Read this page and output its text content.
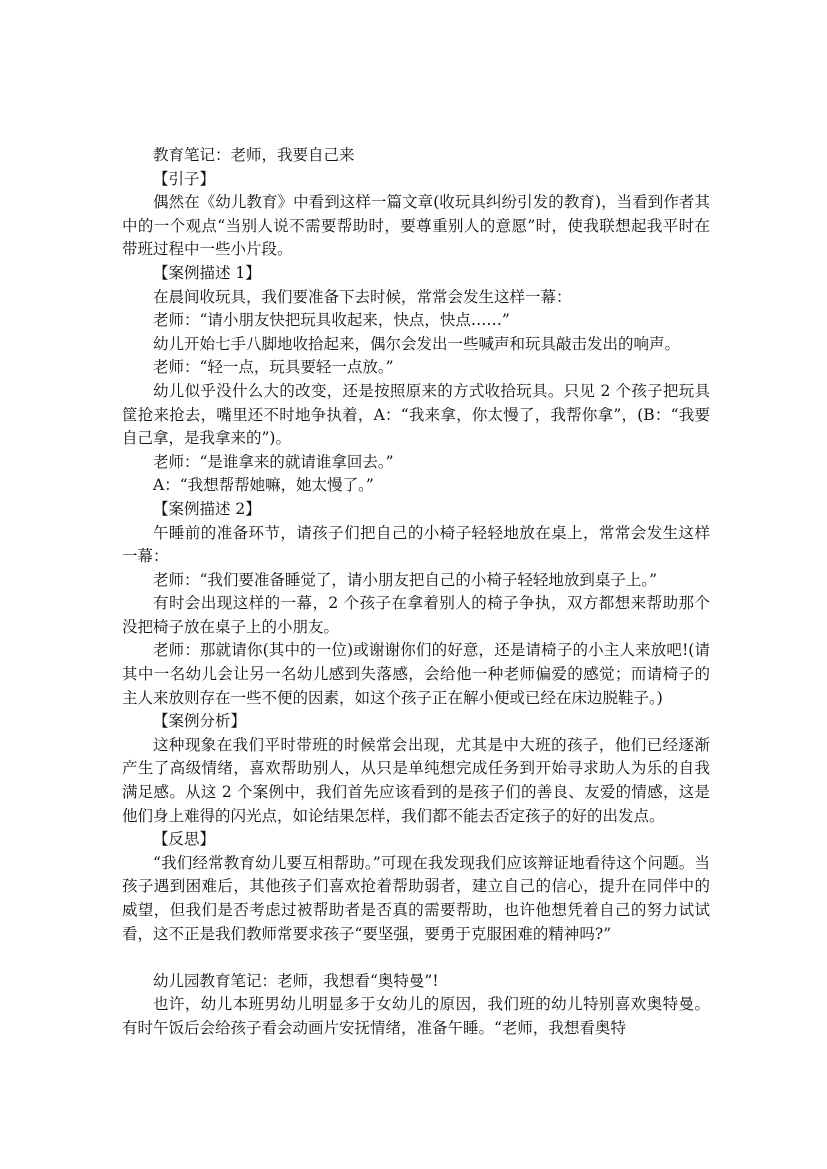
教育笔记：老师，我要自己来

【引子】

偶然在《幼儿教育》中看到这样一篇文章(收玩具纠纷引发的教育)，当看到作者其中的一个观点“当别人说不需要帮助时，要尊重别人的意愿”时，使我联想起我平时在带班过程中一些小片段。

【案例描述 1】

在晨间收玩具，我们要准备下去时候，常常会发生这样一幕：

老师：“请小朋友快把玩具收起来，快点，快点……”

幼儿开始七手八脚地收拾起来，偶尔会发出一些喊声和玩具敲击发出的响声。

老师：“轻一点，玩具要轻一点放。”

幼儿似乎没什么大的改变，还是按照原来的方式收拾玩具。只见 2 个孩子把玩具筐抢来抢去，嘴里还不时地争执着，A：“我来拿，你太慢了，我帮你拿”，(B：“我要自己拿，是我拿来的”)。

老师：“是谁拿来的就请谁拿回去。”

A：“我想帮帮她嘛，她太慢了。”

【案例描述 2】

午睡前的准备环节，请孩子们把自己的小椅子轻轻地放在桌上，常常会发生这样一幕：

老师：“我们要准备睡觉了，请小朋友把自己的小椅子轻轻地放到桌子上。”

有时会出现这样的一幕，2 个孩子在拿着别人的椅子争执，双方都想来帮助那个没把椅子放在桌子上的小朋友。

老师：那就请你(其中的一位)或谢谢你们的好意，还是请椅子的小主人来放吧!(请其中一名幼儿会让另一名幼儿感到失落感，会给他一种老师偏爱的感觉；而请椅子的主人来放则存在一些不便的因素，如这个孩子正在解小便或已经在床边脱鞋子。)

【案例分析】

这种现象在我们平时带班的时候常会出现，尤其是中大班的孩子，他们已经逐渐产生了高级情绪，喜欢帮助别人，从只是单纯想完成任务到开始寻求助人为乐的自我满足感。从这 2 个案例中，我们首先应该看到的是孩子们的善良、友爱的情感，这是他们身上难得的闪光点，如论结果怎样，我们都不能去否定孩子的好的出发点。

【反思】

“我们经常教育幼儿要互相帮助。”可现在我发现我们应该辩证地看待这个问题。当孩子遇到困难后，其他孩子们喜欢抢着帮助弱者，建立自己的信心，提升在同伴中的威望，但我们是否考虑过被帮助者是否真的需要帮助，也许他想凭着自己的努力试试看，这不正是我们教师常要求孩子“要坚强，要勇于克服困难的精神吗?”

幼儿园教育笔记：老师，我想看“奥特曼”!

也许，幼儿本班男幼儿明显多于女幼儿的原因，我们班的幼儿特别喜欢奥特曼。有时午饭后会给孩子看会动画片安抚情绪，准备午睡。“老师，我想看奥特
